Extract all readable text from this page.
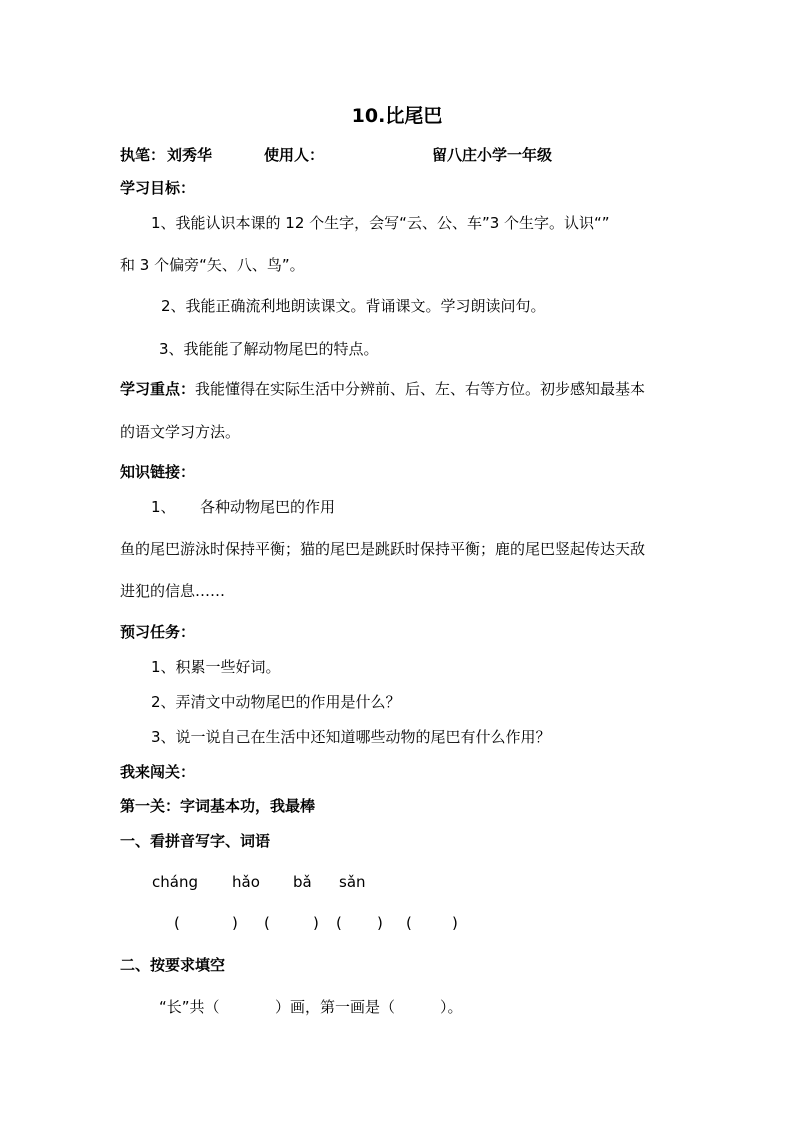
10.比尾巴
执笔： 刘秀华	使用人：	留八庄小学一年级
学习目标：
1、我能认识本课的 12 个生字，会写“云、公、车”3 个生字。认识“”
和 3 个偏旁“矢、八、鸟”。
2、我能正确流利地朗读课文。背诵课文。学习朗读问句。
3、我能能了解动物尾巴的特点。
学习重点：我能懂得在实际生活中分辨前、后、左、右等方位。初步感知最基本
的语文学习方法。
知识链接：
1、 各种动物尾巴的作用
鱼的尾巴游泳时保持平衡；猫的尾巴是跳跃时保持平衡；鹿的尾巴竖起传达天敌
进犯的信息……
预习任务：
1、积累一些好词。
2、弄清文中动物尾巴的作用是什么？
3、说一说自己在生活中还知道哪些动物的尾巴有什么作用？
我来闯关：
第一关：字词基本功，我最棒
一、看拼音写字、词语
cháng hǎo bǎ sǎn
(	) (	) ( ) (	)
二、按要求填空
“长”共（	）画，第一画是（	）。
